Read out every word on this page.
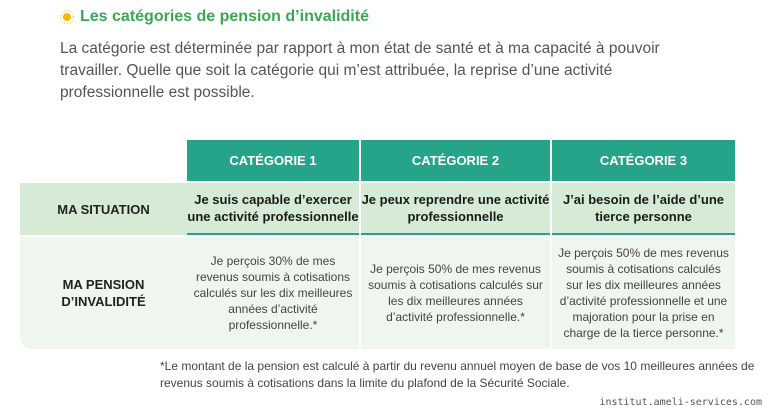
Les catégories de pension d’invalidité
La catégorie est déterminée par rapport à mon état de santé et à ma capacité à pouvoir travailler. Quelle que soit la catégorie qui m’est attribuée, la reprise d’une activité professionnelle est possible.
CATÉGORIE 1	CATÉGORIE 2	CATÉGORIE 3
MA SITUATION
Je suis capable d’exercer une activité professionnelle
Je peux reprendre une activité professionnelle
J’ai besoin de l’aide d’une tierce personne
MA PENSION D’INVALIDITÉ
Je perçois 30% de mes revenus soumis à cotisations calculés sur les dix meilleures années d’activité professionnelle.*
Je perçois 50% de mes revenus soumis à cotisations calculés sur les dix meilleures années d’activité professionnelle.*
Je perçois 50% de mes revenus soumis à cotisations calculés sur les dix meilleures années d’activité professionnelle et une majoration pour la prise en charge de la tierce personne.*
*Le montant de la pension est calculé à partir du revenu annuel moyen de base de vos 10 meilleures années de revenus soumis à cotisations dans la limite du plafond de la Sécurité Sociale.
institut.ameli-services.com
